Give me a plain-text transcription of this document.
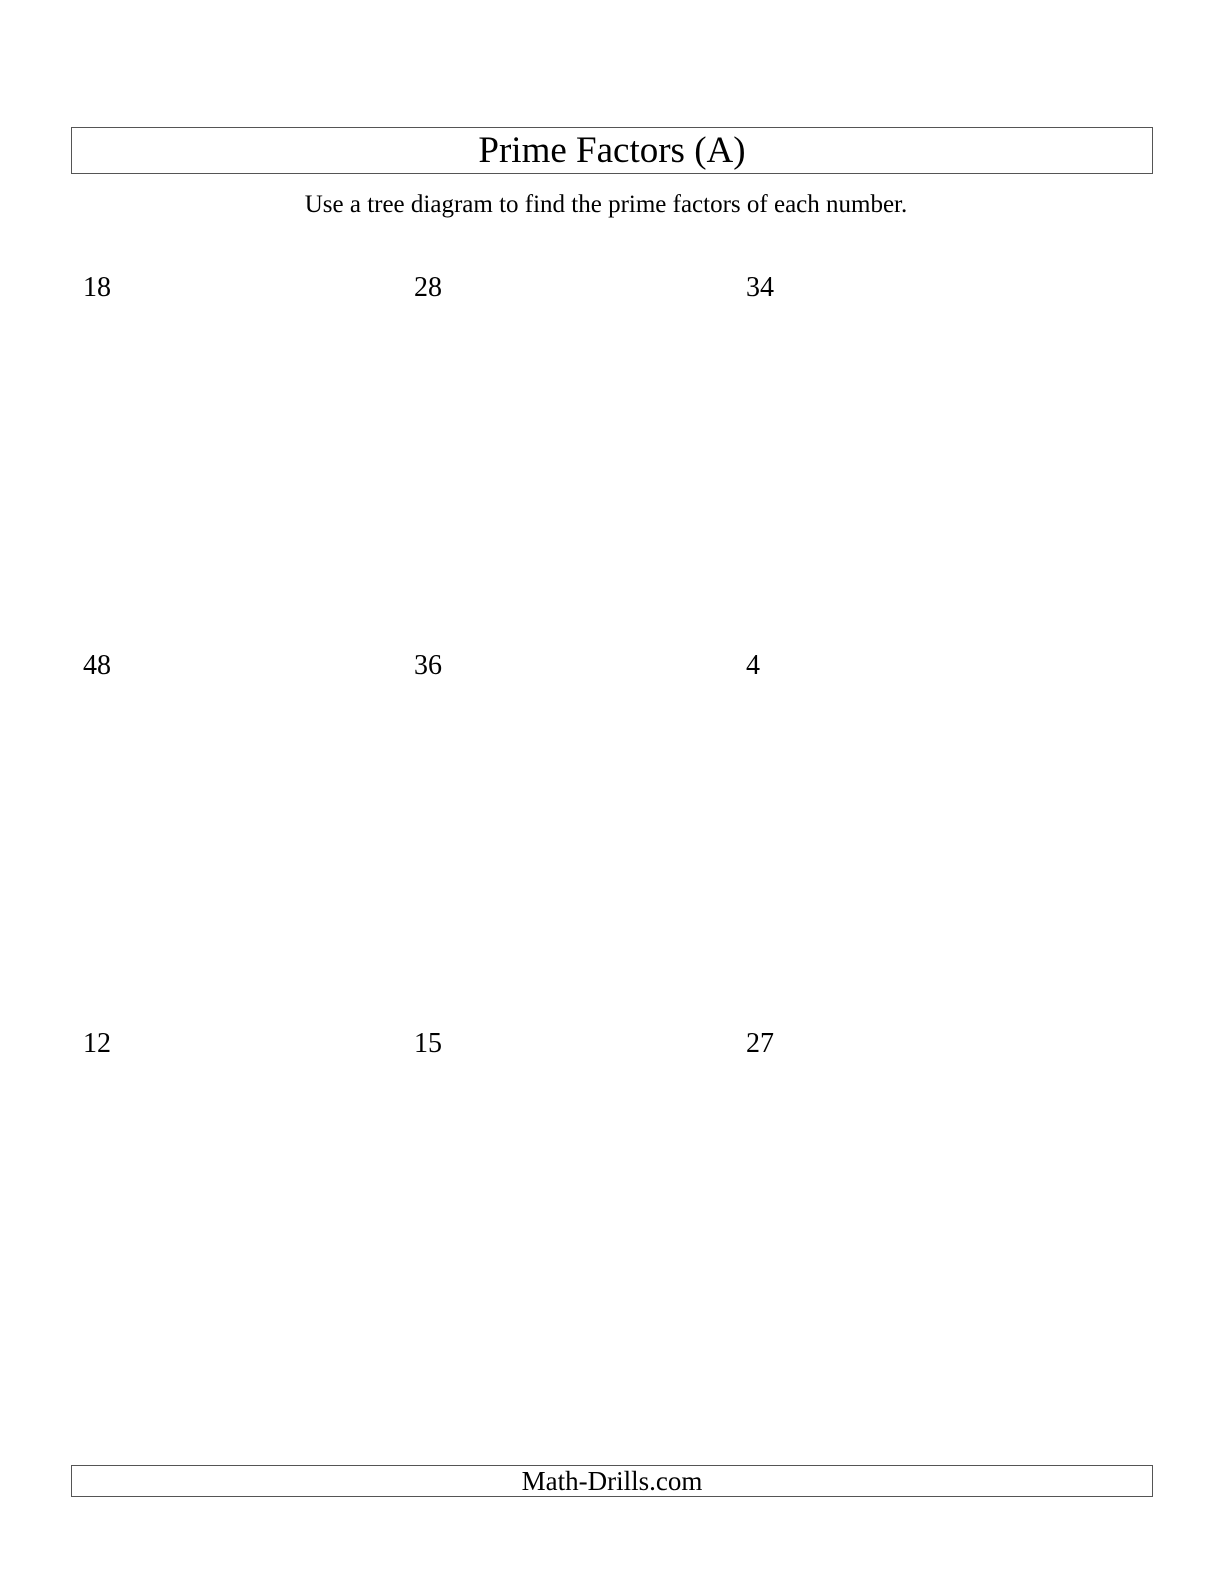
Prime Factors (A)
Use a tree diagram to find the prime factors of each number.
18	28	34
48	36	4
12	15	27
Math-Drills.com
